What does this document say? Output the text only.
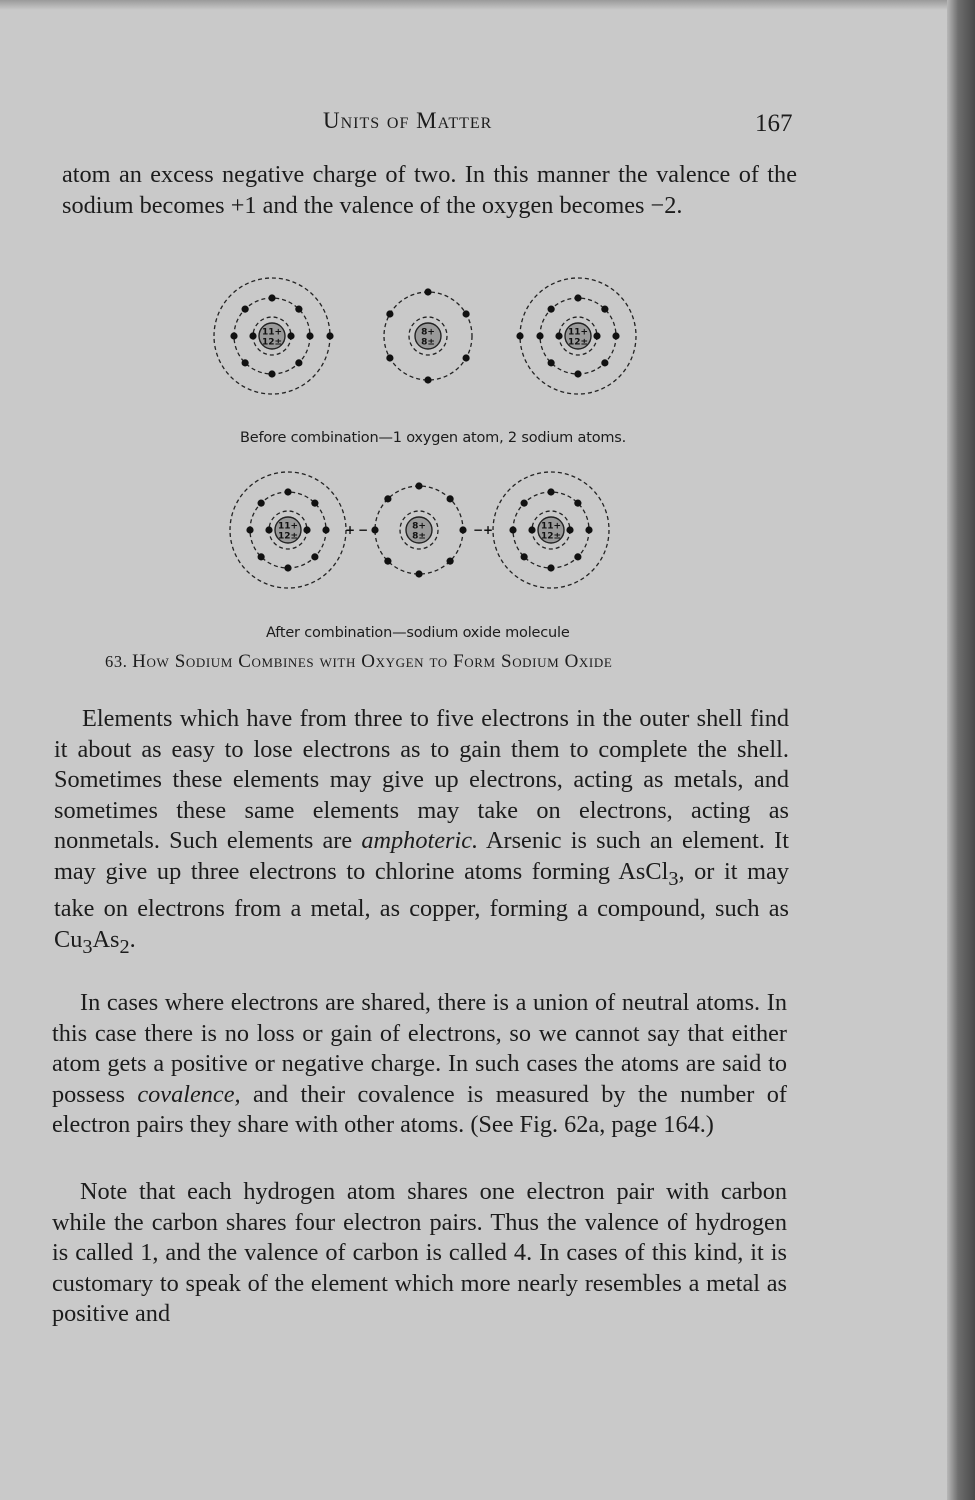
Units of Matter	167

atom an excess negative charge of two. In this manner the valence of the sodium becomes +1 and the valence of the oxygen becomes −2.

11+
12±
8+
8±
11+
12±
11+
12±
8+
8±
11+
12±
+ −	− +
Before combination—1 oxygen atom, 2 sodium atoms.
After combination—sodium oxide molecule
63. How Sodium Combines with Oxygen to Form Sodium Oxide

Elements which have from three to five electrons in the outer shell find it about as easy to lose electrons as to gain them to complete the shell. Sometimes these elements may give up electrons, acting as metals, and sometimes these same elements may take on electrons, acting as nonmetals. Such elements are amphoteric. Arsenic is such an element. It may give up three electrons to chlorine atoms forming AsCl$_3$, or it may take on electrons from a metal, as copper, forming a compound, such as $Cu_3As_2$.

In cases where electrons are shared, there is a union of neutral atoms. In this case there is no loss or gain of electrons, so we cannot say that either atom gets a positive or negative charge. In such cases the atoms are said to possess covalence, and their covalence is measured by the number of electron pairs they share with other atoms. (See Fig. 62a, page 164.)

Note that each hydrogen atom shares one electron pair with carbon while the carbon shares four electron pairs. Thus the valence of hydrogen is called 1, and the valence of carbon is called 4. In cases of this kind, it is customary to speak of the element which more nearly resembles a metal as positive and
